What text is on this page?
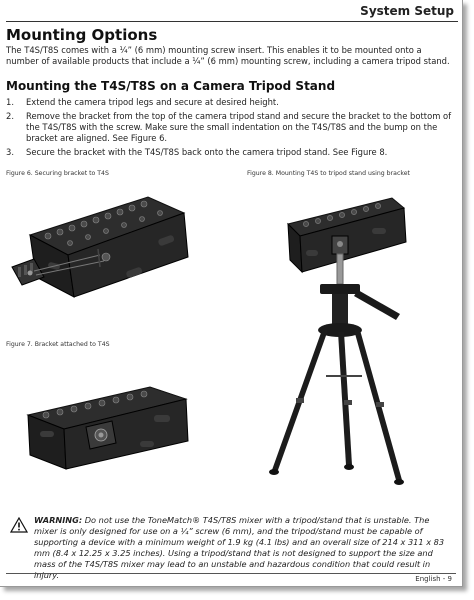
System Setup
Mounting Options
The T4S/T8S comes with a ¼” (6 mm) mounting screw insert. This enables it to be mounted onto a number of available products that include a ¼” (6 mm) mounting screw, including a camera tripod stand.
Mounting the T4S/T8S on a Camera Tripod Stand
1. Extend the camera tripod legs and secure at desired height.
2. Remove the bracket from the top of the camera tripod stand and secure the bracket to the bottom of the T4S/T8S with the screw. Make sure the small indentation on the T4S/T8S and the bump on the bracket are aligned. See Figure 6.
3. Secure the bracket with the T4S/T8S back onto the camera tripod stand. See Figure 8.
Figure 6. Securing bracket to T4S	Figure 8. Mounting T4S to tripod stand using bracket
Figure 7. Bracket attached to T4S
WARNING: Do not use the ToneMatch® T4S/T8S mixer with a tripod/stand that is unstable. The mixer is only designed for use on a ¼” screw (6 mm), and the tripod/stand must be capable of supporting a device with a minimum weight of 1.9 kg (4.1 lbs) and an overall size of 214 x 311 x 83 mm (8.4 x 12.25 x 3.25 inches). Using a tripod/stand that is not designed to support the size and mass of the T4S/T8S mixer may lead to an unstable and hazardous condition that could result in injury.	English - 9
